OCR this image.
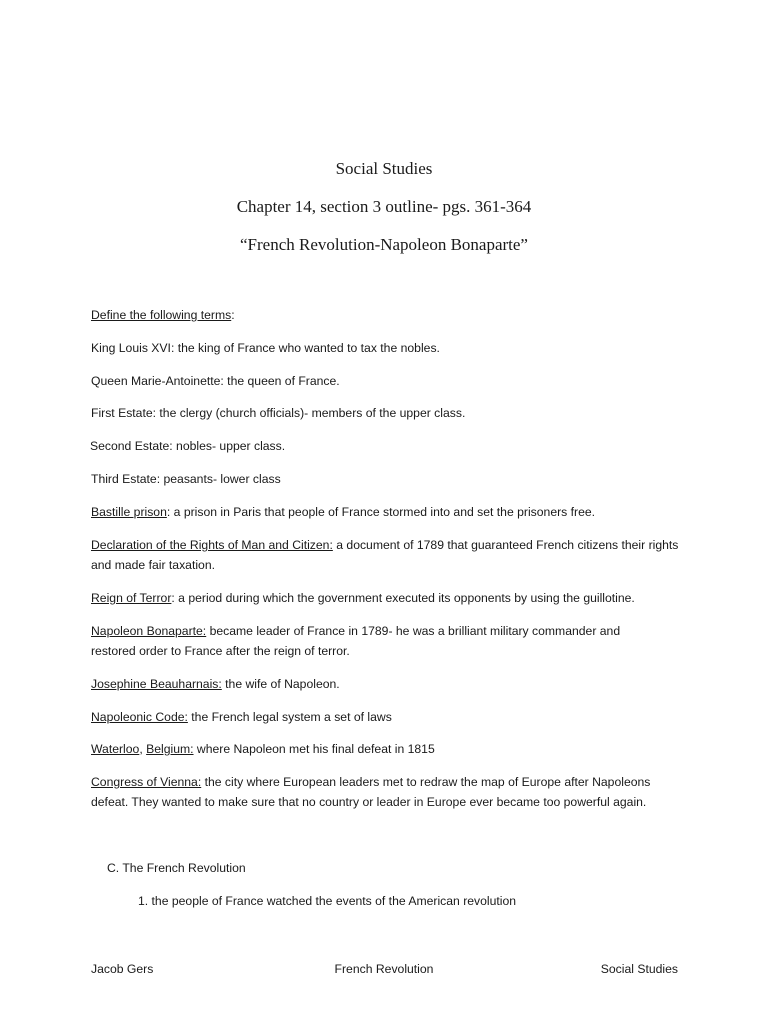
Social Studies
Chapter 14, section 3 outline- pgs. 361-364
“French Revolution-Napoleon Bonaparte”
Define the following terms:
King Louis XVI: the king of France who wanted to tax the nobles.
Queen Marie-Antoinette: the queen of France.
First Estate: the clergy (church officials)- members of the upper class.
Second Estate: nobles- upper class.
Third Estate: peasants- lower class
Bastille prison: a prison in Paris that people of France stormed into and set the prisoners free.
Declaration of the Rights of Man and Citizen: a document of 1789 that guaranteed French citizens their rights and made fair taxation.
Reign of Terror: a period during which the government executed its opponents by using the guillotine.
Napoleon Bonaparte: became leader of France in 1789- he was a brilliant military commander and restored order to France after the reign of terror.
Josephine Beauharnais: the wife of Napoleon.
Napoleonic Code: the French legal system a set of laws
Waterloo, Belgium: where Napoleon met his final defeat in 1815
Congress of Vienna: the city where European leaders met to redraw the map of Europe after Napoleons defeat. They wanted to make sure that no country or leader in Europe ever became too powerful again.
C. The French Revolution
1. the people of France watched the events of the American revolution
Jacob Gers	French Revolution	Social Studies
